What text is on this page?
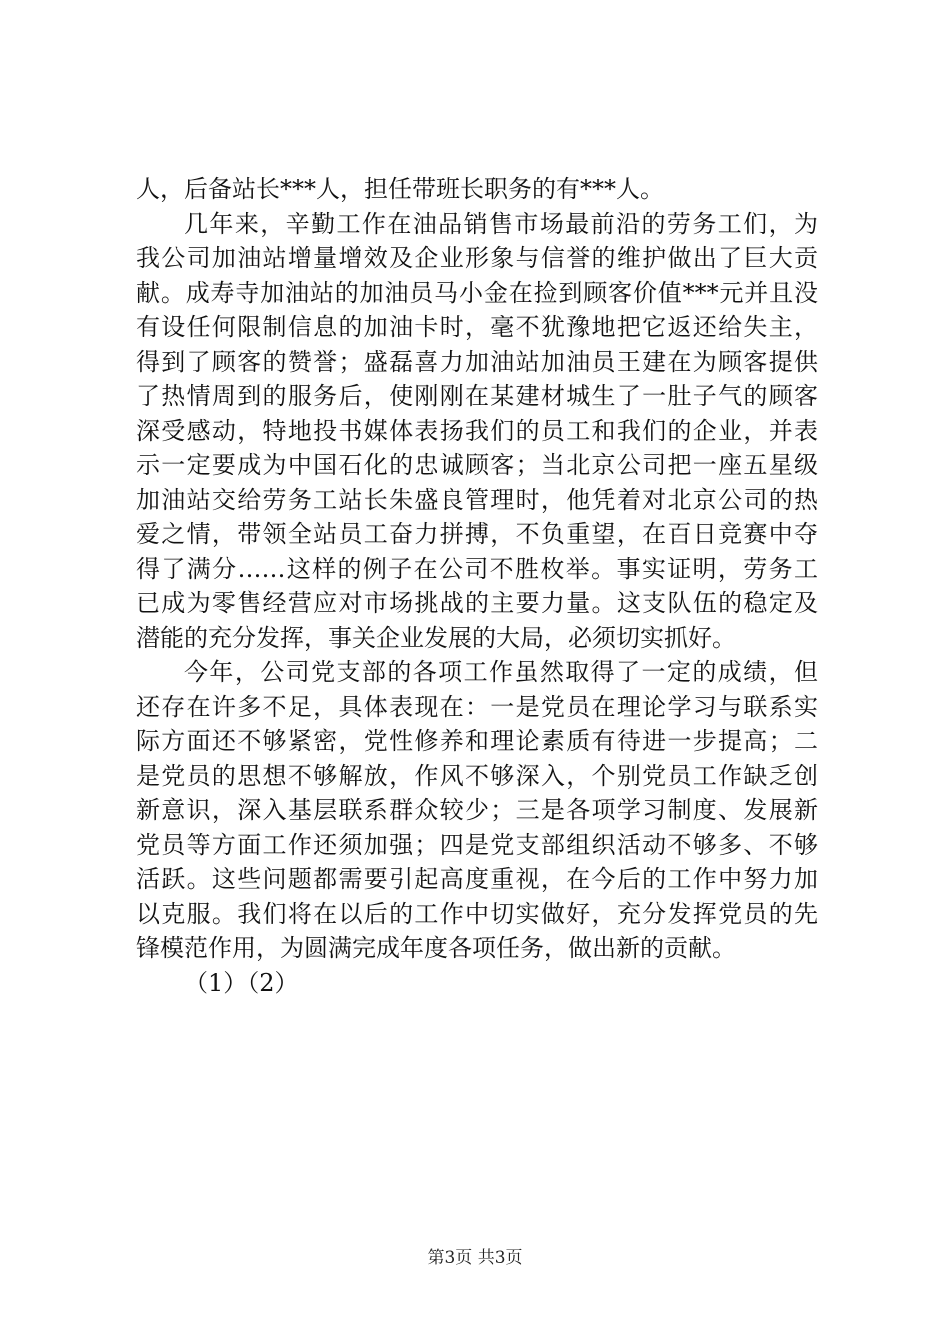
人，后备站长***人，担任带班长职务的有***人。
几年来，辛勤工作在油品销售市场最前沿的劳务工们，为
我公司加油站增量增效及企业形象与信誉的维护做出了巨大贡
献。成寿寺加油站的加油员马小金在捡到顾客价值***元并且没
有设任何限制信息的加油卡时，毫不犹豫地把它返还给失主，
得到了顾客的赞誉；盛磊喜力加油站加油员王建在为顾客提供
了热情周到的服务后，使刚刚在某建材城生了一肚子气的顾客
深受感动，特地投书媒体表扬我们的员工和我们的企业，并表
示一定要成为中国石化的忠诚顾客；当北京公司把一座五星级
加油站交给劳务工站长朱盛良管理时，他凭着对北京公司的热
爱之情，带领全站员工奋力拼搏，不负重望，在百日竞赛中夺
得了满分……这样的例子在公司不胜枚举。事实证明，劳务工
已成为零售经营应对市场挑战的主要力量。这支队伍的稳定及
潜能的充分发挥，事关企业发展的大局，必须切实抓好。
今年，公司党支部的各项工作虽然取得了一定的成绩，但
还存在许多不足，具体表现在：一是党员在理论学习与联系实
际方面还不够紧密，党性修养和理论素质有待进一步提高；二
是党员的思想不够解放，作风不够深入，个别党员工作缺乏创
新意识，深入基层联系群众较少；三是各项学习制度、发展新
党员等方面工作还须加强；四是党支部组织活动不够多、不够
活跃。这些问题都需要引起高度重视，在今后的工作中努力加
以克服。我们将在以后的工作中切实做好，充分发挥党员的先
锋模范作用，为圆满完成年度各项任务，做出新的贡献。
（1）（2）
第3页 共3页
